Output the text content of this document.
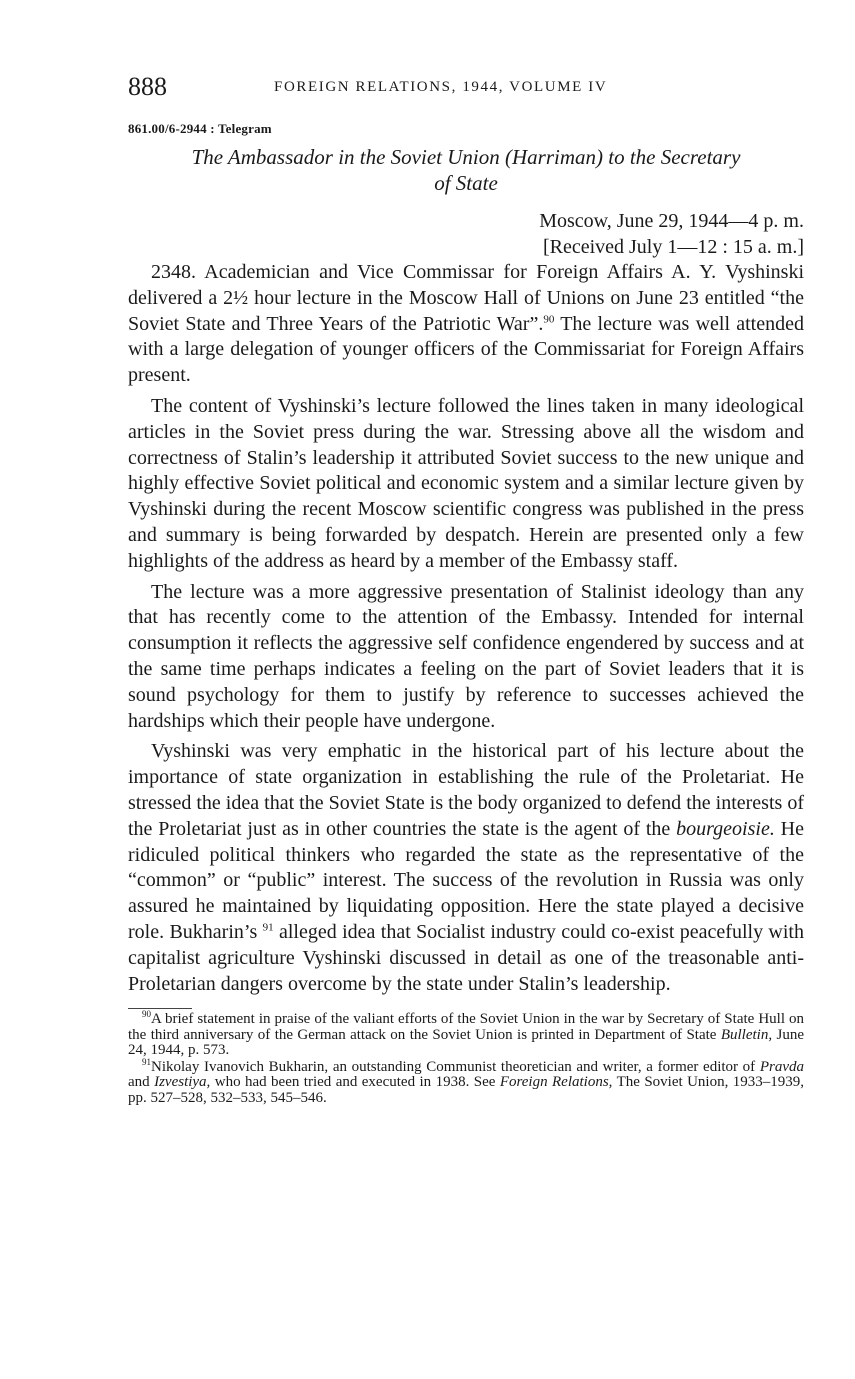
888	FOREIGN RELATIONS, 1944, VOLUME IV
861.00/6-2944 : Telegram
The Ambassador in the Soviet Union (Harriman) to the Secretary
of State
Moscow, June 29, 1944—4 p. m.
[Received July 1—12 : 15 a. m.]

2348. Academician and Vice Commissar for Foreign Affairs A. Y. Vyshinski delivered a 2½ hour lecture in the Moscow Hall of Unions on June 23 entitled “the Soviet State and Three Years of the Patriotic War”.$^{90}$ The lecture was well attended with a large delegation of younger officers of the Commissariat for Foreign Affairs present.

The content of Vyshinski’s lecture followed the lines taken in many ideological articles in the Soviet press during the war. Stressing above all the wisdom and correctness of Stalin’s leadership it attributed Soviet success to the new unique and highly effective Soviet political and economic system and a similar lecture given by Vyshinski during the recent Moscow scientific congress was published in the press and summary is being forwarded by despatch. Herein are presented only a few highlights of the address as heard by a member of the Embassy staff.

The lecture was a more aggressive presentation of Stalinist ideology than any that has recently come to the attention of the Embassy. Intended for internal consumption it reflects the aggressive self confidence engendered by success and at the same time perhaps indicates a feeling on the part of Soviet leaders that it is sound psychology for them to justify by reference to successes achieved the hardships which their people have undergone.

Vyshinski was very emphatic in the historical part of his lecture about the importance of state organization in establishing the rule of the Proletariat. He stressed the idea that the Soviet State is the body organized to defend the interests of the Proletariat just as in other countries the state is the agent of the bourgeoisie. He ridiculed political thinkers who regarded the state as the representative of the “common” or “public” interest. The success of the revolution in Russia was only assured he maintained by liquidating opposition. Here the state played a decisive role. Bukharin’s $^{91}$ alleged idea that Socialist industry could co-exist peacefully with capitalist agriculture Vyshinski discussed in detail as one of the treasonable anti-Proletarian dangers overcome by the state under Stalin’s leadership.

$^{90}$A brief statement in praise of the valiant efforts of the Soviet Union in the war by Secretary of State Hull on the third anniversary of the German attack on the Soviet Union is printed in Department of State Bulletin, June 24, 1944, p. 573.

$^{91}$Nikolay Ivanovich Bukharin, an outstanding Communist theoretician and writer, a former editor of Pravda and Izvestiya, who had been tried and executed in 1938. See Foreign Relations, The Soviet Union, 1933–1939, pp. 527–528, 532–533, 545–546.
